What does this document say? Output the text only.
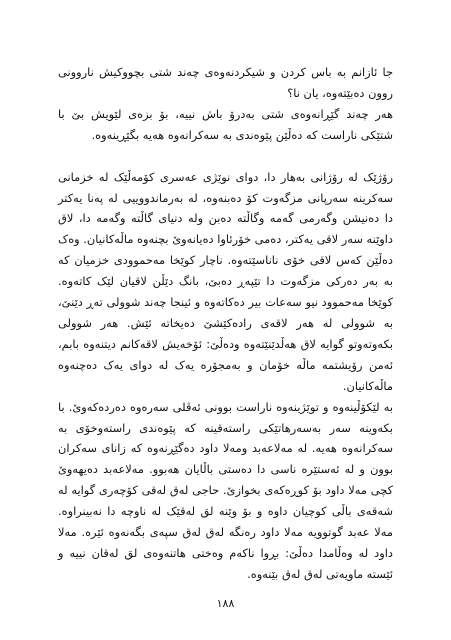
جا ئازانم بە باس کردن و شیکردنەوەی چەند شتی بچووکیش ناروونی روون دەبێتەوە، یان نا؟

هەر چەند گێڕانەوەی شتی بەدرۆ باش نییە، بۆ بزەی لێویش بێ با شتێکی ناراست کە دەڵێن پێوەندی بە سەکرانەوە هەیە بگێڕینەوە.

رۆژێک لە رۆژانی بەهار دا، دوای نوێژی عەسری کۆمەڵێک لە خزمانی سەکرینە سەرپانی مزگەوت کۆ دەبنەوە، لە بەرماندووییی لە پەنا یەکتر دا دەنیشن وگەرمی گەمە وگاڵتە دەبن ولە دنیای گاڵتە وگەمە دا، لاق داوێنە سەر لاقی یەکتر، دەمی خۆرئاوا دەیانەوێ بچنەوە ماڵەکانیان. وەک دەڵێن کەس لاقی خۆی ناناسێتەوە. ناچار کوێخا مەحموودی خزمیان کە بە بەر دەرکی مزگەوت دا تێپەڕ دەبێ، بانگ دێڵن لاقیان لێک کاتەوە. کوێخا مەحموود نیو سەعات بیر دەکاتەوە و ئینجا چەند شوولی تەڕ دێنێ، بە شوولی لە هەر لاقەی رادەکێشێ دەیخاتە ئێش. هەر شوولی بکەوتەوتو گوایە لاق هەڵدێنێتەوە ودەڵێ: ئۆخەیش لاقەکانم دیتنەوە بابم، ئەمن رۆیشتمە ماڵە خۆمان و بەمجۆرە یەک لە دوای یەک دەچنەوە ماڵەکانیان.

بە لێکۆڵینەوە و توێژینەوە ناراست بوونی ئەڤلی سەرەوە دەردەکەوێ. با بکەوینە سەر بەسەرهاتێکی راستەقینە کە پێوەندی راستەوخۆی بە سەکرانەوە هەیە. لە مەلاعەبد ومەلا داود دەگێڕنەوە کە زانای سەکران بوون و لە ئەستێرە ناسی دا دەستی باڵایان هەبوو. مەلاعەبد دەیهەوێ کچی مەلا داود بۆ کوڕەکەی بخوازێ. حاجی لەق لەقی کۆچەری گوایە لە شەقەی باڵی کوچیان داوە و بۆ وێنە لق لەقێک لە ناوچە دا نەبینراوە. مەلا عەبد گوتوویە مەلا داود رەنگە لەق لەق سپەی بگەنەوە ئێرە. مەلا داود لە وەڵامدا دەڵێ: بڕوا ناکەم وەختی هاتنەوەی لق لەقان نییە و ئێستە ماویەتی لەق لەق بێنەوە.

١٨٨
